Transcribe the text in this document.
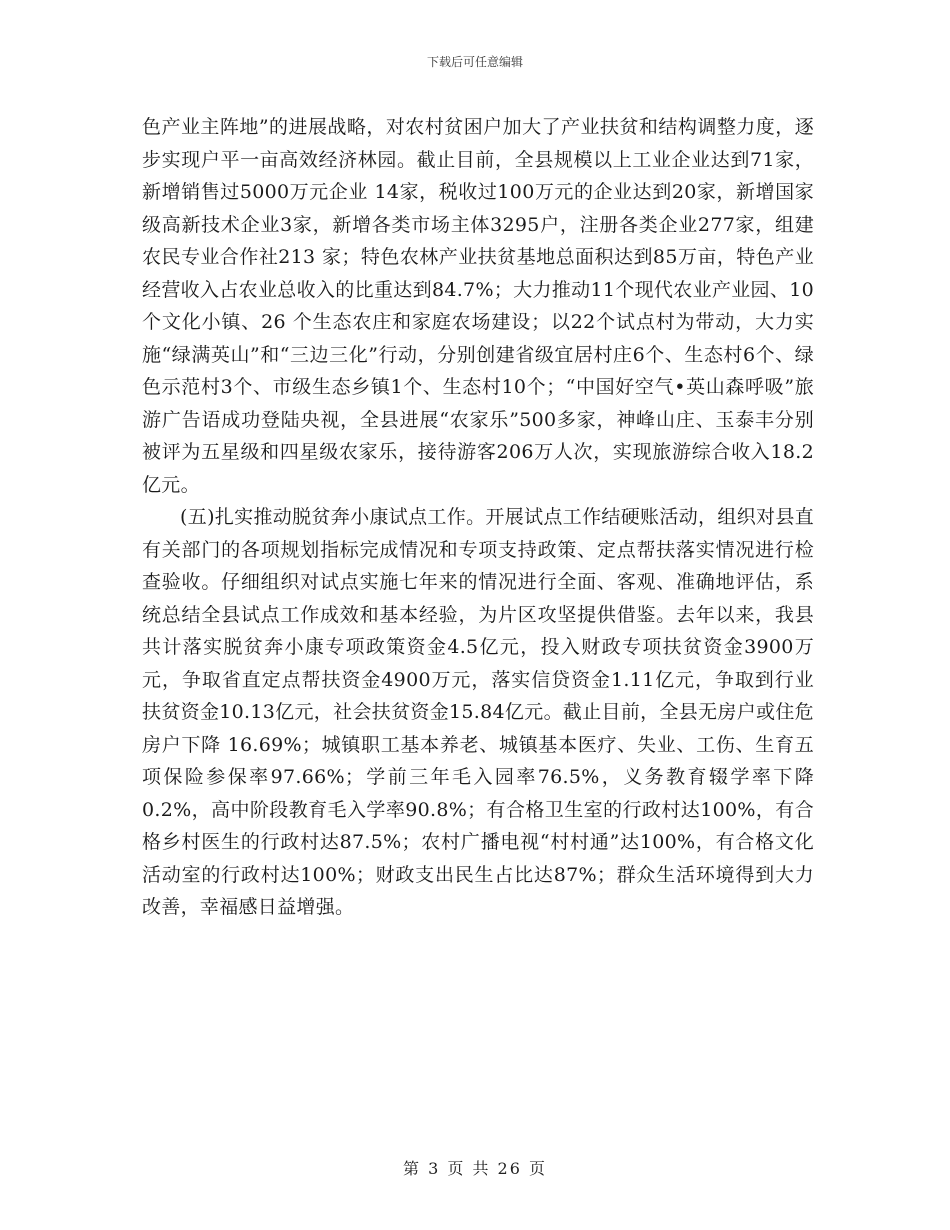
下载后可任意编辑

色产业主阵地”的进展战略，对农村贫困户加大了产业扶贫和结构调整力度，逐步实现户平一亩高效经济林园。截止目前，全县规模以上工业企业达到71家，新增销售过5000万元企业 14家，税收过100万元的企业达到20家，新增国家级高新技术企业3家，新增各类市场主体3295户，注册各类企业277家，组建农民专业合作社213 家；特色农林产业扶贫基地总面积达到85万亩，特色产业经营收入占农业总收入的比重达到84.7%；大力推动11个现代农业产业园、10个文化小镇、26 个生态农庄和家庭农场建设；以22个试点村为带动，大力实施“绿满英山”和“三边三化”行动，分别创建省级宜居村庄6个、生态村6个、绿色示范村3个、市级生态乡镇1个、生态村10个；“中国好空气•英山森呼吸”旅游广告语成功登陆央视，全县进展“农家乐”500多家，神峰山庄、玉泰丰分别被评为五星级和四星级农家乐，接待游客206万人次，实现旅游综合收入18.2亿元。

(五)扎实推动脱贫奔小康试点工作。开展试点工作结硬账活动，组织对县直有关部门的各项规划指标完成情况和专项支持政策、定点帮扶落实情况进行检查验收。仔细组织对试点实施七年来的情况进行全面、客观、准确地评估，系统总结全县试点工作成效和基本经验，为片区攻坚提供借鉴。去年以来，我县共计落实脱贫奔小康专项政策资金4.5亿元，投入财政专项扶贫资金3900万元，争取省直定点帮扶资金4900万元，落实信贷资金1.11亿元，争取到行业扶贫资金10.13亿元，社会扶贫资金15.84亿元。截止目前，全县无房户或住危房户下降 16.69%；城镇职工基本养老、城镇基本医疗、失业、工伤、生育五项保险参保率97.66%；学前三年毛入园率76.5%，义务教育辍学率下降 0.2%，高中阶段教育毛入学率90.8%；有合格卫生室的行政村达100%，有合格乡村医生的行政村达87.5%；农村广播电视“村村通”达100%，有合格文化活动室的行政村达100%；财政支出民生占比达87%；群众生活环境得到大力改善，幸福感日益增强。

第 3 页 共 26 页
